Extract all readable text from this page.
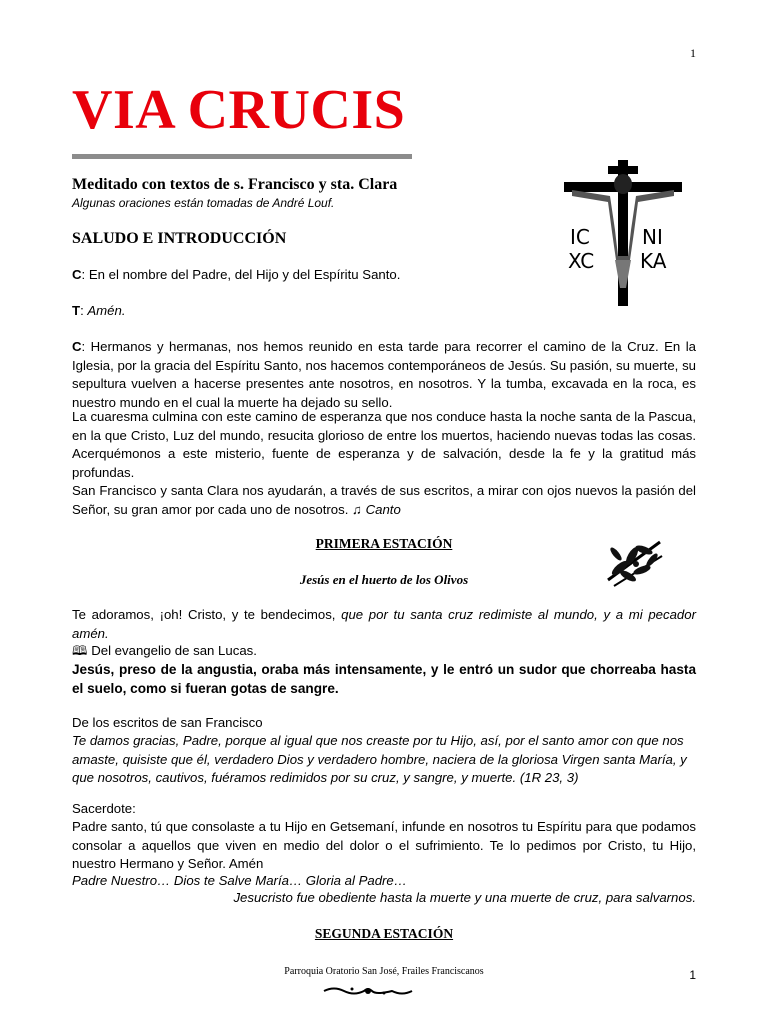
1
VIA CRUCIS
Meditado con textos de s. Francisco y sta. Clara
Algunas oraciones están tomadas de André Louf.
IC
XC
NI
KA
SALUDO E INTRODUCCIÓN
C: En el nombre del Padre, del Hijo y del Espíritu Santo.
T: Amén.
C: Hermanos y hermanas, nos hemos reunido en esta tarde para recorrer el camino de la Cruz. En la Iglesia, por la gracia del Espíritu Santo, nos hacemos contemporáneos de Jesús. Su pasión, su muerte, su sepultura vuelven a hacerse presentes ante nosotros, en nosotros. Y la tumba, excavada en la roca, es nuestro mundo en el cual la muerte ha dejado su sello.
La cuaresma culmina con este camino de esperanza que nos conduce hasta la noche santa de la Pascua, en la que Cristo, Luz del mundo, resucita glorioso de entre los muertos, haciendo nuevas todas las cosas. Acerquémonos a este misterio, fuente de esperanza y de salvación, desde la fe y la gratitud más profundas.
San Francisco y santa Clara nos ayudarán, a través de sus escritos, a mirar con ojos nuevos la pasión del Señor, su gran amor por cada uno de nosotros. ♫ Canto
PRIMERA ESTACIÓN
Jesús en el huerto de los Olivos
Te adoramos, ¡oh! Cristo, y te bendecimos, que por tu santa cruz redimiste al mundo, y a mi pecador amén.
🕮 Del evangelio de san Lucas.
Jesús, preso de la angustia, oraba más intensamente, y le entró un sudor que chorreaba hasta el suelo, como si fueran gotas de sangre.
De los escritos de san Francisco
Te damos gracias, Padre, porque al igual que nos creaste por tu Hijo, así, por el santo amor con que nos amaste, quisiste que él, verdadero Dios y verdadero hombre, naciera de la gloriosa Virgen santa María, y que nosotros, cautivos, fuéramos redimidos por su cruz, y sangre, y muerte. (1R 23, 3)
Sacerdote:
Padre santo, tú que consolaste a tu Hijo en Getsemaní, infunde en nosotros tu Espíritu para que podamos consolar a aquellos que viven en medio del dolor o el sufrimiento. Te lo pedimos por Cristo, tu Hijo, nuestro Hermano y Señor. Amén
Padre Nuestro… Dios te Salve María… Gloria al Padre…
Jesucristo fue obediente hasta la muerte y una muerte de cruz, para salvarnos.
SEGUNDA ESTACIÓN
Parroquia Oratorio San José, Frailes Franciscanos	1
